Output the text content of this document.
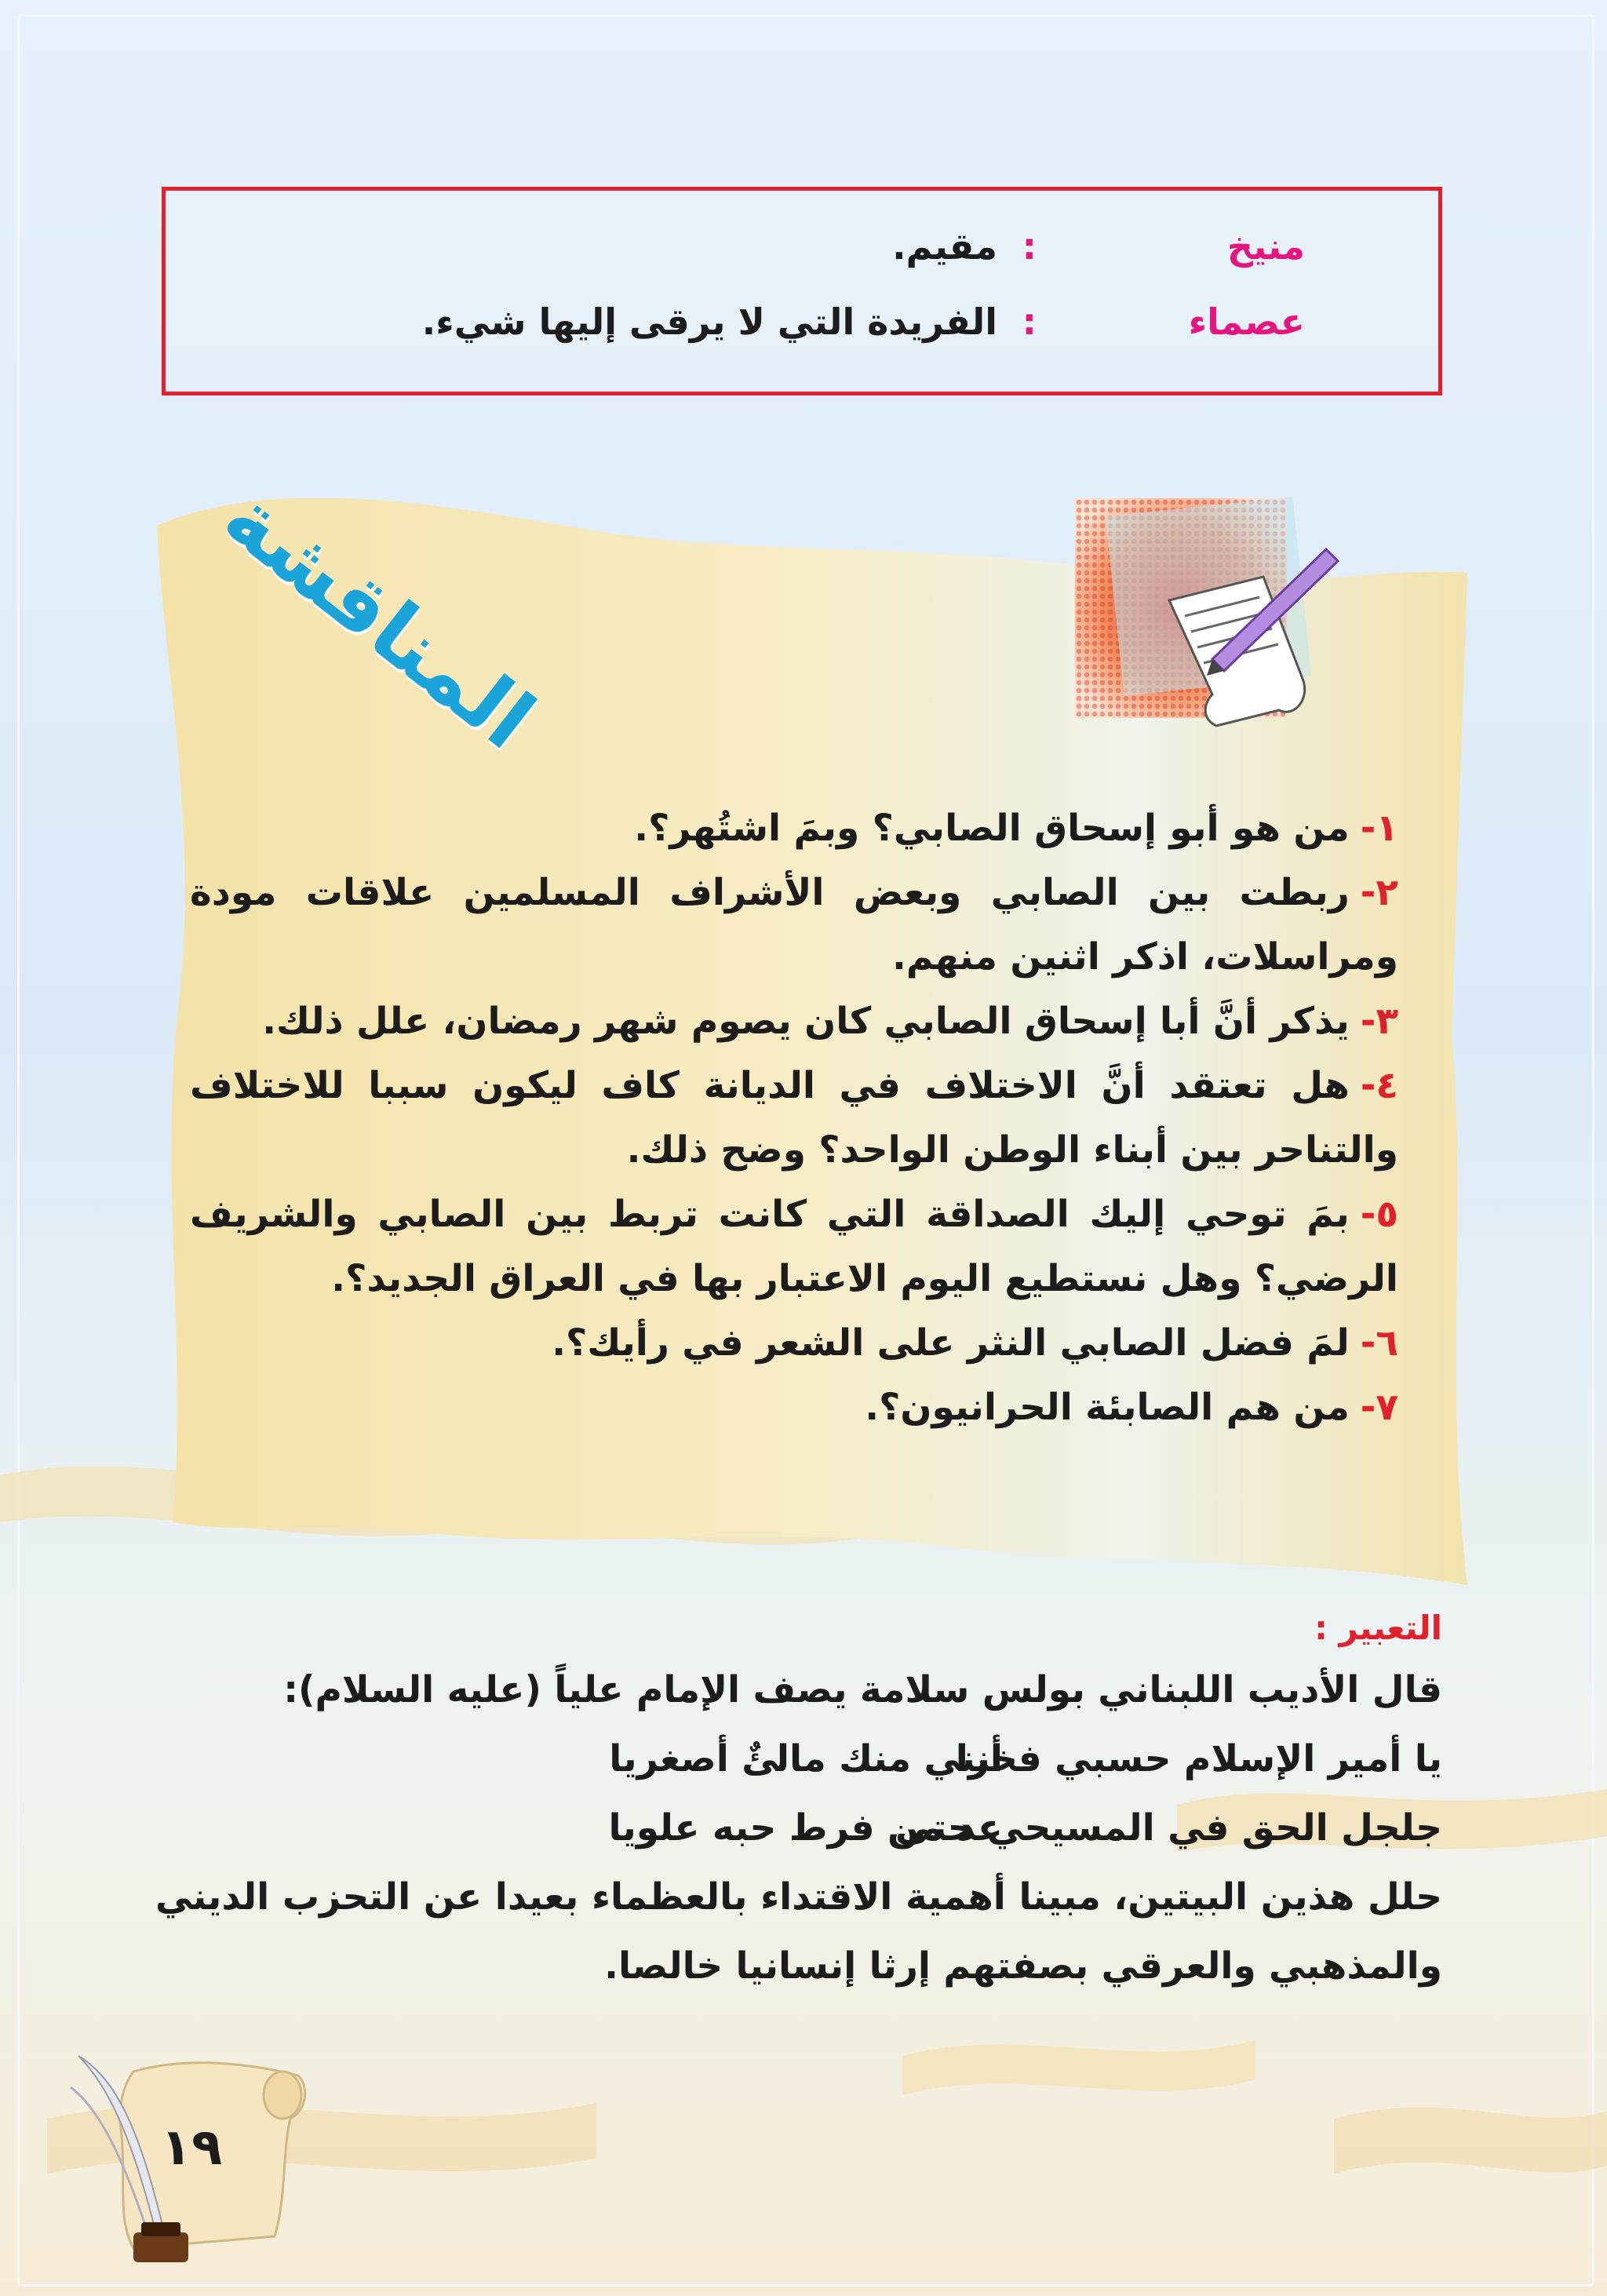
منيخ
:
مقيم.
عصماء
:
الفريدة التي لا يرقى إليها شيء.
المناقشة
١-من هو أبو إسحاق الصابي؟ وبمَ اشتُهر؟.
٢-ربطت بين الصابي وبعض الأشراف المسلمين علاقات مودة ومراسلات، اذكر اثنين منهم.
٣-يذكر أنَّ أبا إسحاق الصابي كان يصوم شهر رمضان، علل ذلك.
٤-هل تعتقد أنَّ الاختلاف في الديانة كاف ليكون سببا للاختلاف والتناحر بين أبناء الوطن الواحد؟ وضح ذلك.
٥-بمَ توحي إليك الصداقة التي كانت تربط بين الصابي والشريف الرضي؟ وهل نستطيع اليوم الاعتبار بها في العراق الجديد؟.
٦-لمَ فضل الصابي النثر على الشعر في رأيك؟.
٧-من هم الصابئة الحرانيون؟.
التعبير :
قال الأديب اللبناني بولس سلامة يصف الإمام علياً (عليه السلام):
يا أمير الإسلام حسبي فخرا
أنني منك مالئٌ أصغريا
جلجل الحق في المسيحي حتى
عد من فرط حبه علويا
حلل هذين البيتين، مبينا أهمية الاقتداء بالعظماء بعيدا عن التحزب الديني والمذهبي والعرقي بصفتهم إرثا إنسانيا خالصا.
١٩
